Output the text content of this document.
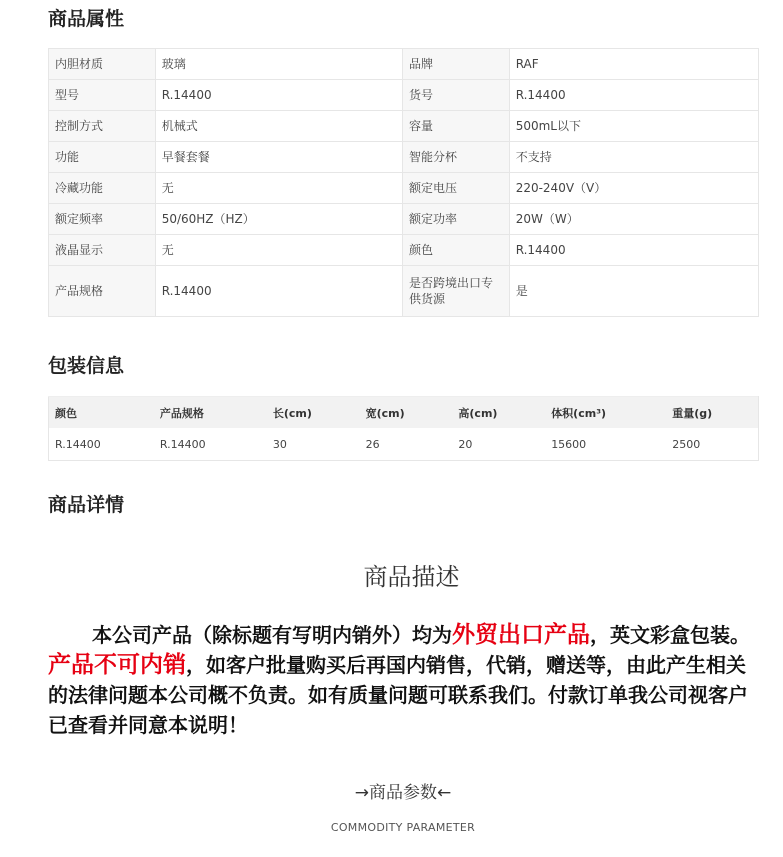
商品属性
内胆材质	玻璃	品牌	RAF
型号	R.14400	货号	R.14400
控制方式	机械式	容量	500mL以下
功能	早餐套餐	智能分杯	不支持
冷藏功能	无	额定电压	220-240V（V）
额定频率	50/60HZ（HZ）	额定功率	20W（W）
液晶显示	无	颜色	R.14400
产品规格	R.14400	是否跨境出口专供货源	是
包装信息
颜色	产品规格	长(cm)	宽(cm)	高(cm)	体积(cm³)	重量(g)
R.14400	R.14400	30	26	20	15600	2500
商品详情
商品描述

本公司产品（除标题有写明内销外）均为外贸出口产品，英文彩盒包装。产品不可内销，如客户批量购买后再国内销售，代销，赠送等，由此产生相关的法律问题本公司概不负责。如有质量问题可联系我们。付款订单我公司视客户已查看并同意本说明！

→商品参数←
COMMODITY PARAMETER
